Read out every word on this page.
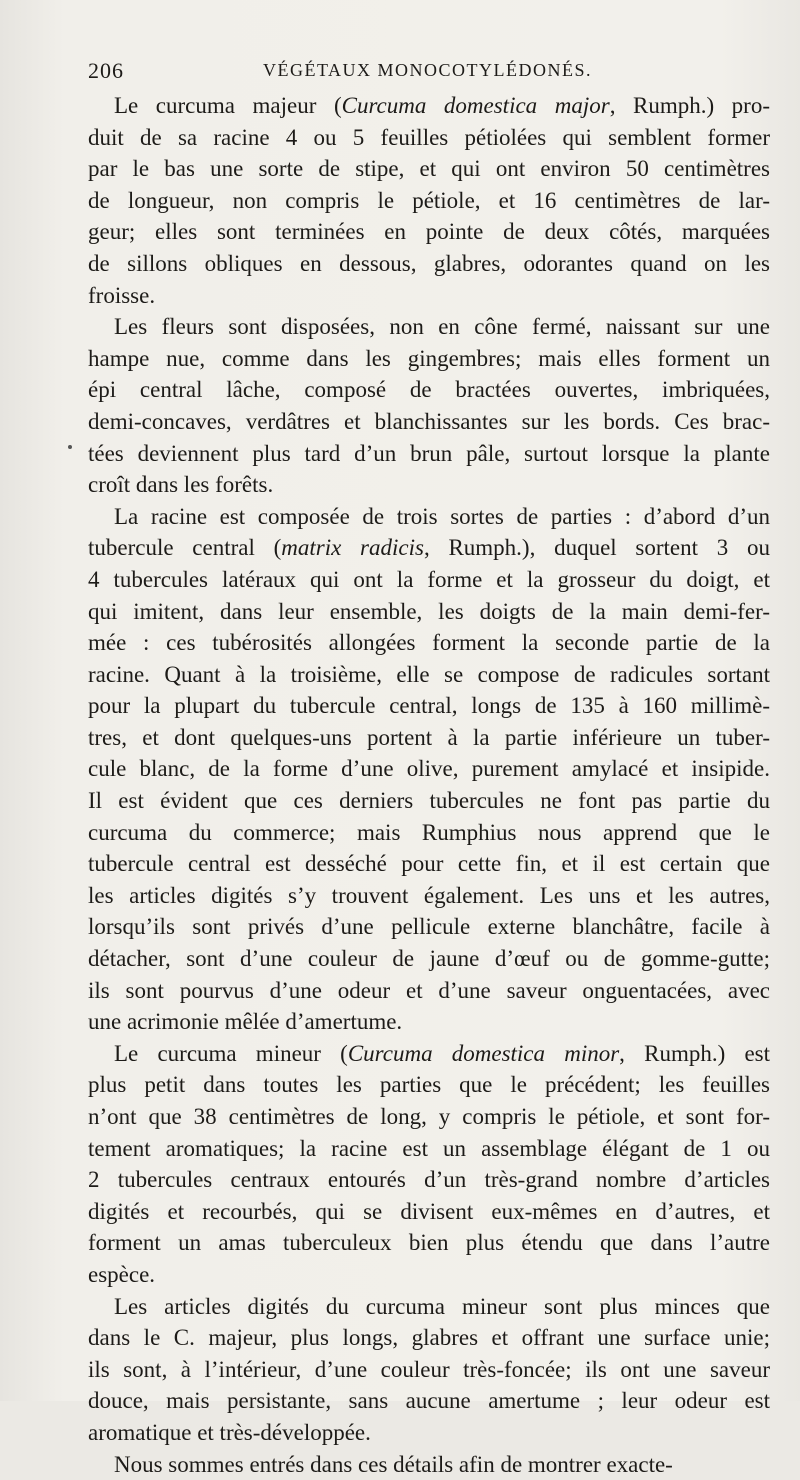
206	VÉGÉTAUX MONOCOTYLÉDONÉS.
Le curcuma majeur (Curcuma domestica major, Rumph.) pro-
duit de sa racine 4 ou 5 feuilles pétiolées qui semblent former
par le bas une sorte de stipe, et qui ont environ 50 centimètres
de longueur, non compris le pétiole, et 16 centimètres de lar-
geur; elles sont terminées en pointe de deux côtés, marquées
de sillons obliques en dessous, glabres, odorantes quand on les
froisse.
Les fleurs sont disposées, non en cône fermé, naissant sur une
hampe nue, comme dans les gingembres; mais elles forment un
épi central lâche, composé de bractées ouvertes, imbriquées,
demi-concaves, verdâtres et blanchissantes sur les bords. Ces brac-
tées deviennent plus tard d’un brun pâle, surtout lorsque la plante
croît dans les forêts.
La racine est composée de trois sortes de parties : d’abord d’un
tubercule central (matrix radicis, Rumph.), duquel sortent 3 ou
4 tubercules latéraux qui ont la forme et la grosseur du doigt, et
qui imitent, dans leur ensemble, les doigts de la main demi-fer-
mée : ces tubérosités allongées forment la seconde partie de la
racine. Quant à la troisième, elle se compose de radicules sortant
pour la plupart du tubercule central, longs de 135 à 160 millimè-
tres, et dont quelques-uns portent à la partie inférieure un tuber-
cule blanc, de la forme d’une olive, purement amylacé et insipide.
Il est évident que ces derniers tubercules ne font pas partie du
curcuma du commerce; mais Rumphius nous apprend que le
tubercule central est desséché pour cette fin, et il est certain que
les articles digités s’y trouvent également. Les uns et les autres,
lorsqu’ils sont privés d’une pellicule externe blanchâtre, facile à
détacher, sont d’une couleur de jaune d’œuf ou de gomme-gutte;
ils sont pourvus d’une odeur et d’une saveur onguentacées, avec
une acrimonie mêlée d’amertume.
Le curcuma mineur (Curcuma domestica minor, Rumph.) est
plus petit dans toutes les parties que le précédent; les feuilles
n’ont que 38 centimètres de long, y compris le pétiole, et sont for-
tement aromatiques; la racine est un assemblage élégant de 1 ou
2 tubercules centraux entourés d’un très-grand nombre d’articles
digités et recourbés, qui se divisent eux-mêmes en d’autres, et
forment un amas tuberculeux bien plus étendu que dans l’autre
espèce.
Les articles digités du curcuma mineur sont plus minces que
dans le C. majeur, plus longs, glabres et offrant une surface unie;
ils sont, à l’intérieur, d’une couleur très-foncée; ils ont une saveur
douce, mais persistante, sans aucune amertume ; leur odeur est
aromatique et très-développée.
Nous sommes entrés dans ces détails afin de montrer exacte-
